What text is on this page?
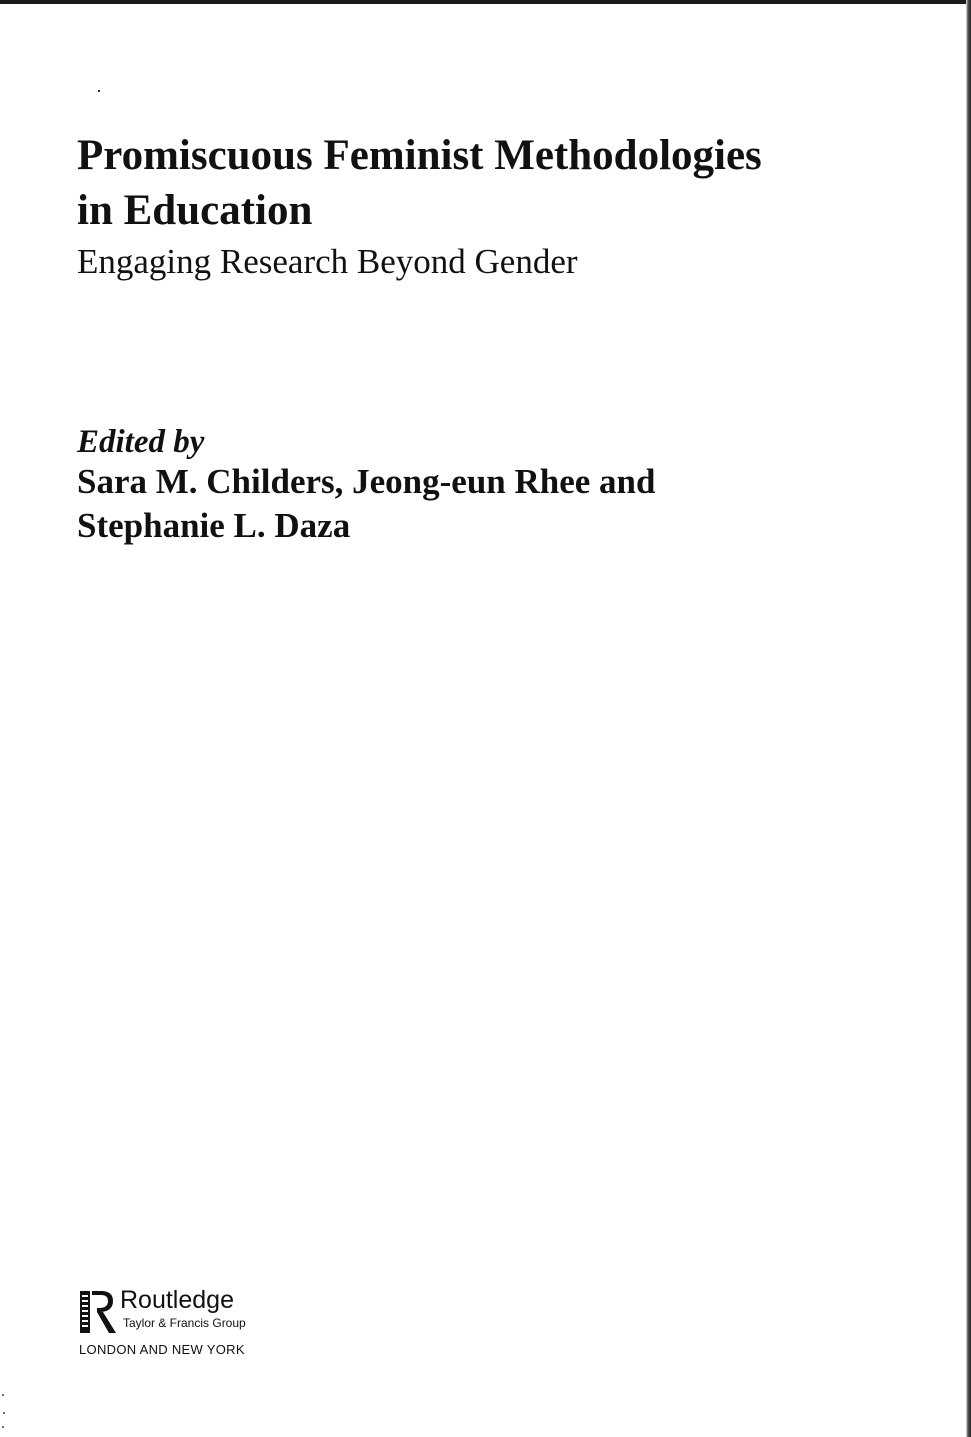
Promiscuous Feminist Methodologies
in Education
Engaging Research Beyond Gender

Edited by

Sara M. Childers, Jeong-eun Rhee and
Stephanie L. Daza

Routledge
Taylor & Francis Group
LONDON AND NEW YORK
